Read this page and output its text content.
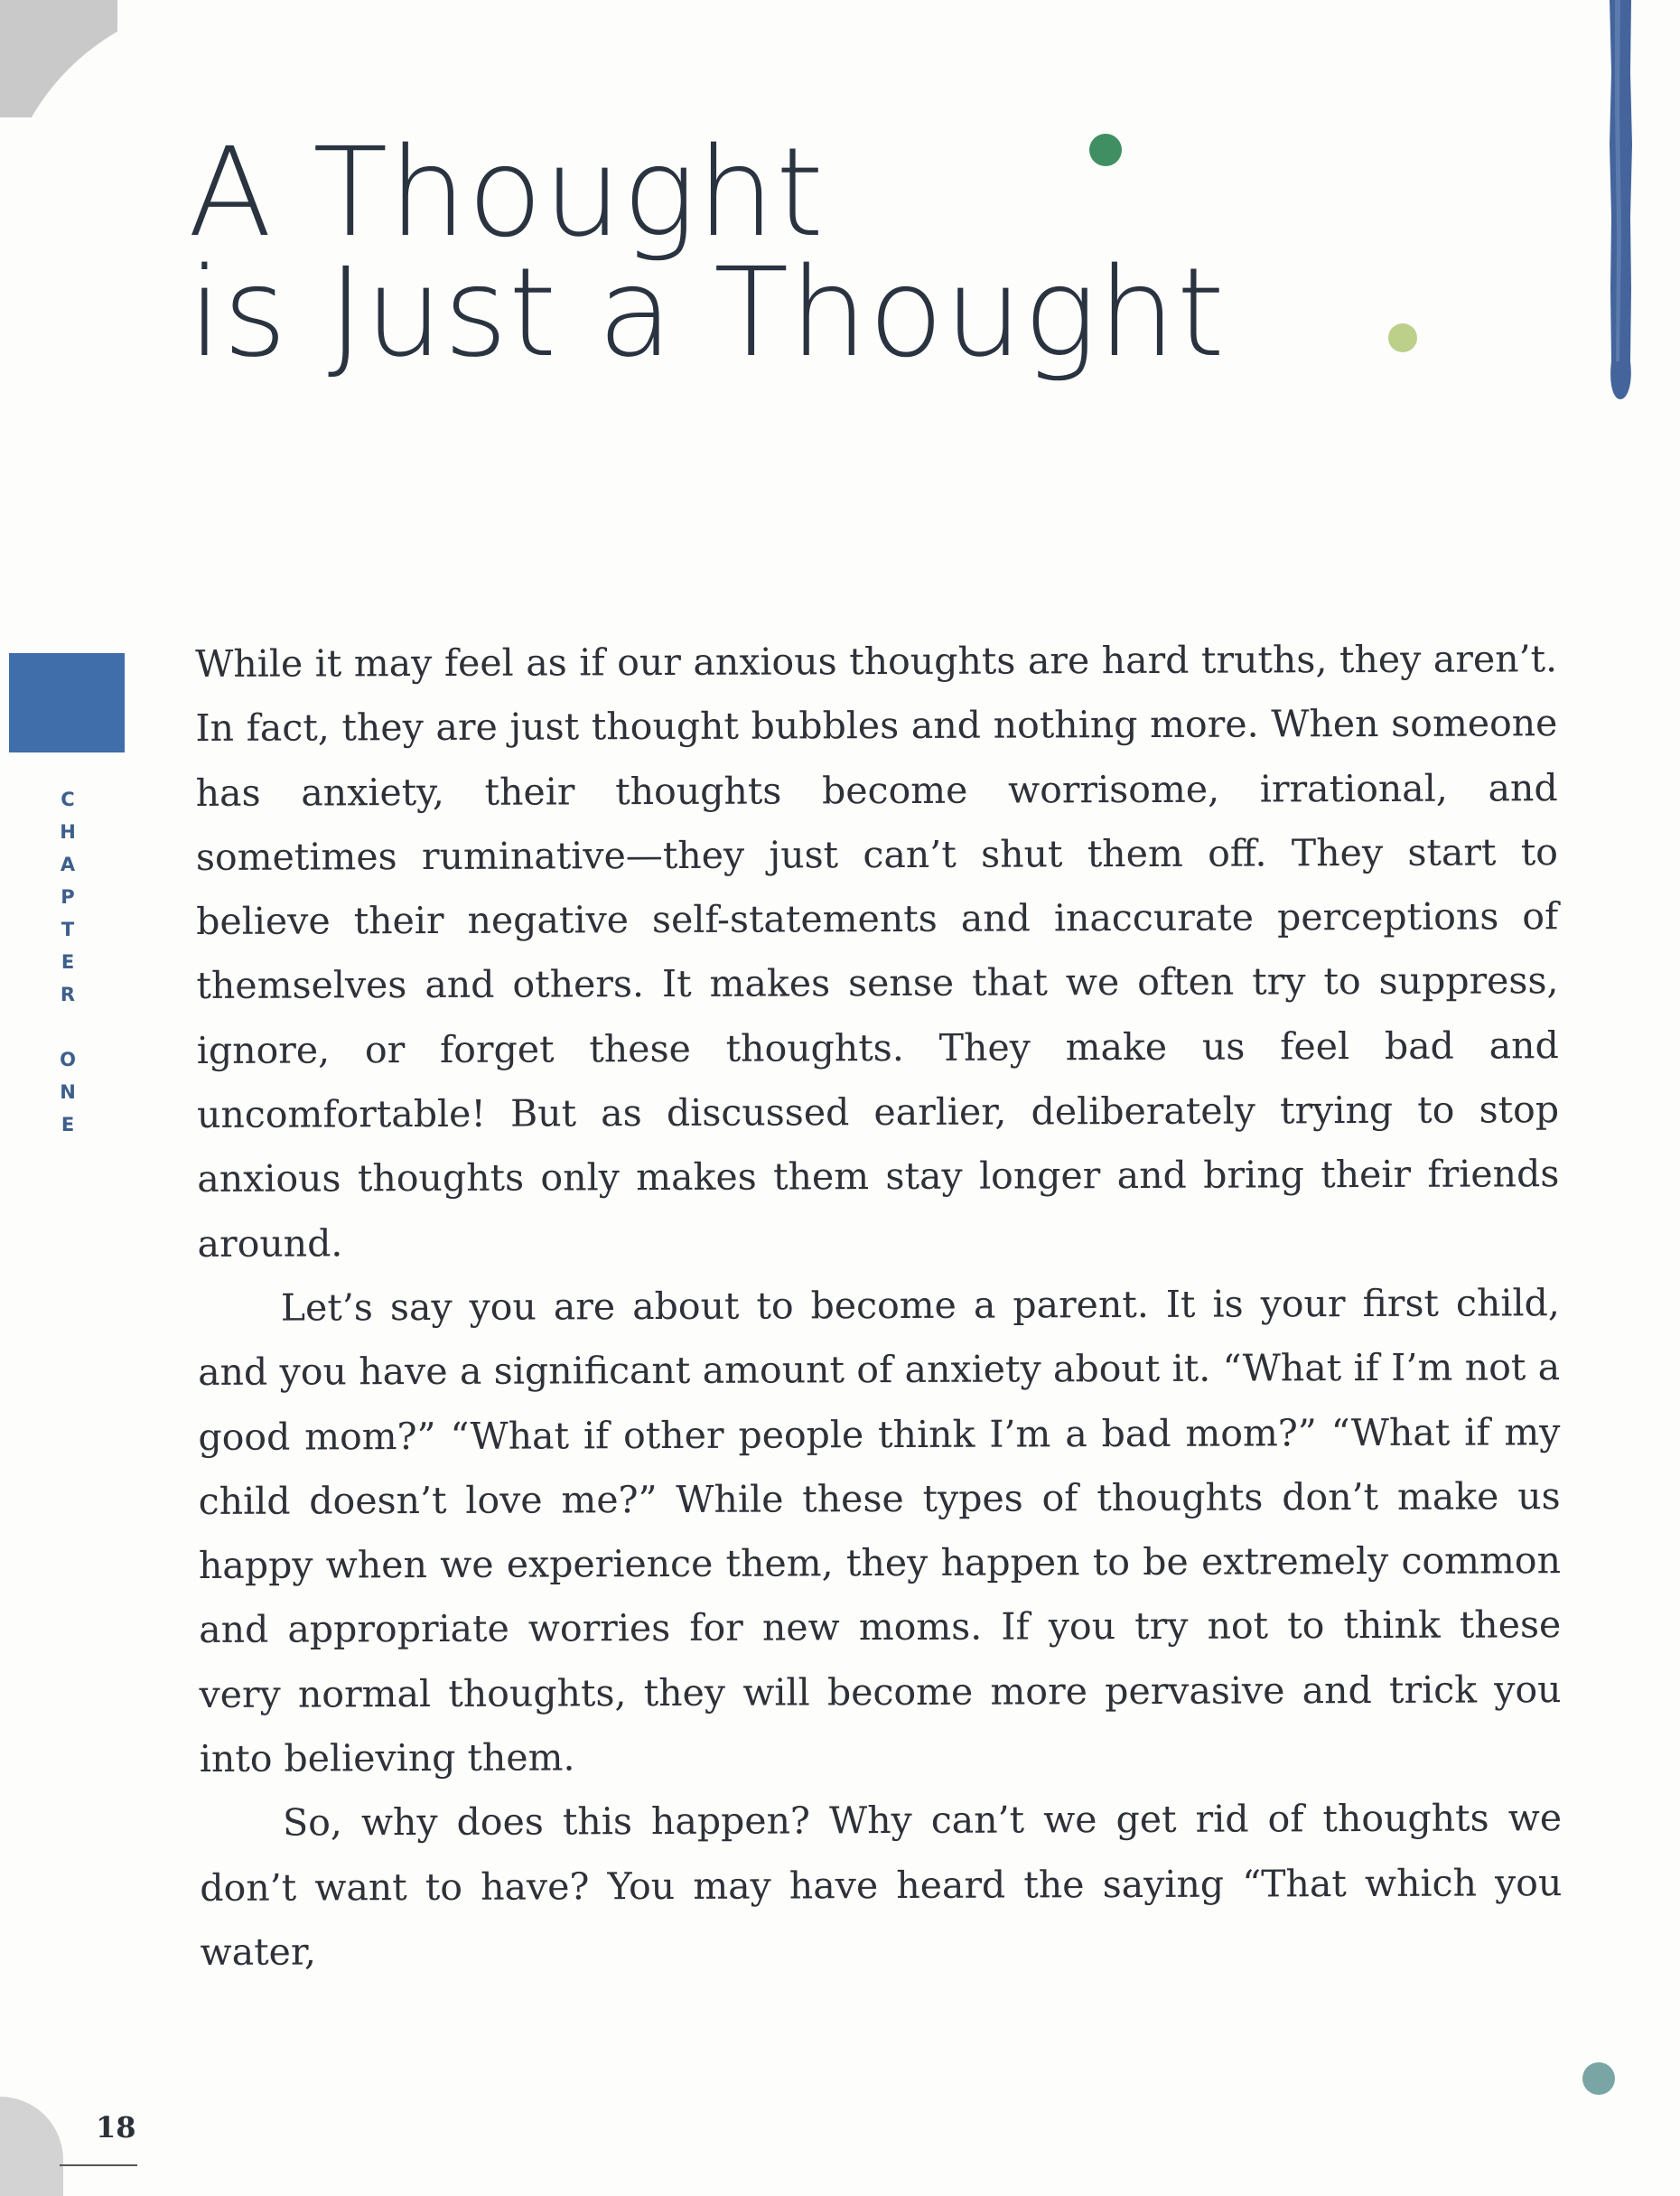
A Thought
is Just a Thought
C
H
A
P
T
E
R
O
N
E

While it may feel as if our anxious thoughts are hard truths, they aren’t. In fact, they are just thought bubbles and nothing more. When someone has anxiety, their thoughts become worrisome, irrational, and sometimes ruminative—they just can’t shut them off. They start to believe their negative self-statements and inaccurate perceptions of themselves and others. It makes sense that we often try to suppress, ignore, or forget these thoughts. They make us feel bad and uncomfortable! But as discussed earlier, deliberately trying to stop anxious thoughts only makes them stay longer and bring their friends around.

Let’s say you are about to become a parent. It is your first child, and you have a significant amount of anxiety about it. “What if I’m not a good mom?” “What if other people think I’m a bad mom?” “What if my child doesn’t love me?” While these types of thoughts don’t make us happy when we experience them, they happen to be extremely common and appropriate worries for new moms. If you try not to think these very normal thoughts, they will become more pervasive and trick you into believing them.

So, why does this happen? Why can’t we get rid of thoughts we don’t want to have? You may have heard the saying “That which you water,

18
